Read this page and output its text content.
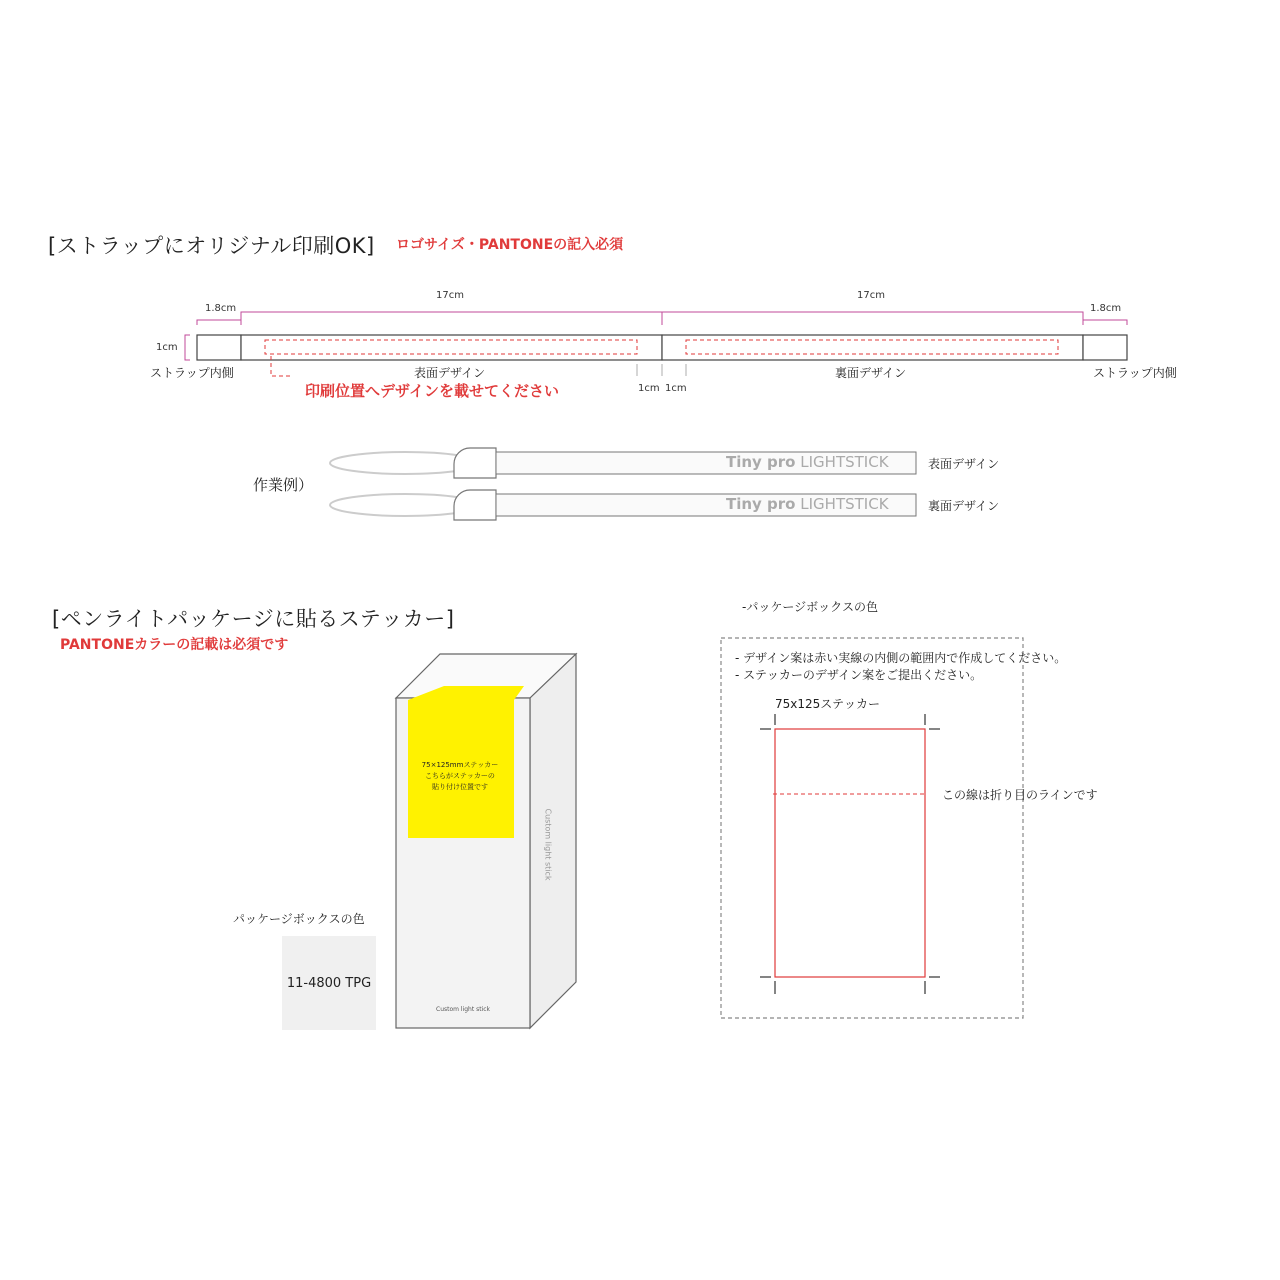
[ストラップにオリジナル印刷OK] ロゴサイズ・PANTONEの記入必須
1.8cm
17cm	17cm
1.8cm
1cm
ストラップ内側	表面デザイン	裏面デザイン	ストラップ内側
印刷位置へデザインを載せてください	1cm 1cm
作業例）
Tiny pro LIGHTSTICK
Tiny pro LIGHTSTICK
表面デザイン
裏面デザイン
[ペンライトパッケージに貼るステッカー]
PANTONEカラーの記載は必須です
75×125mmステッカー
こちらがステッカーの
貼り付け位置です
Custom light stick
Custom light stick
パッケージボックスの色
11-4800 TPG
-パッケージボックスの色
- デザイン案は赤い実線の内側の範囲内で作成してください。
- ステッカーのデザイン案をご提出ください。
75x125ステッカー
この線は折り目のラインです
